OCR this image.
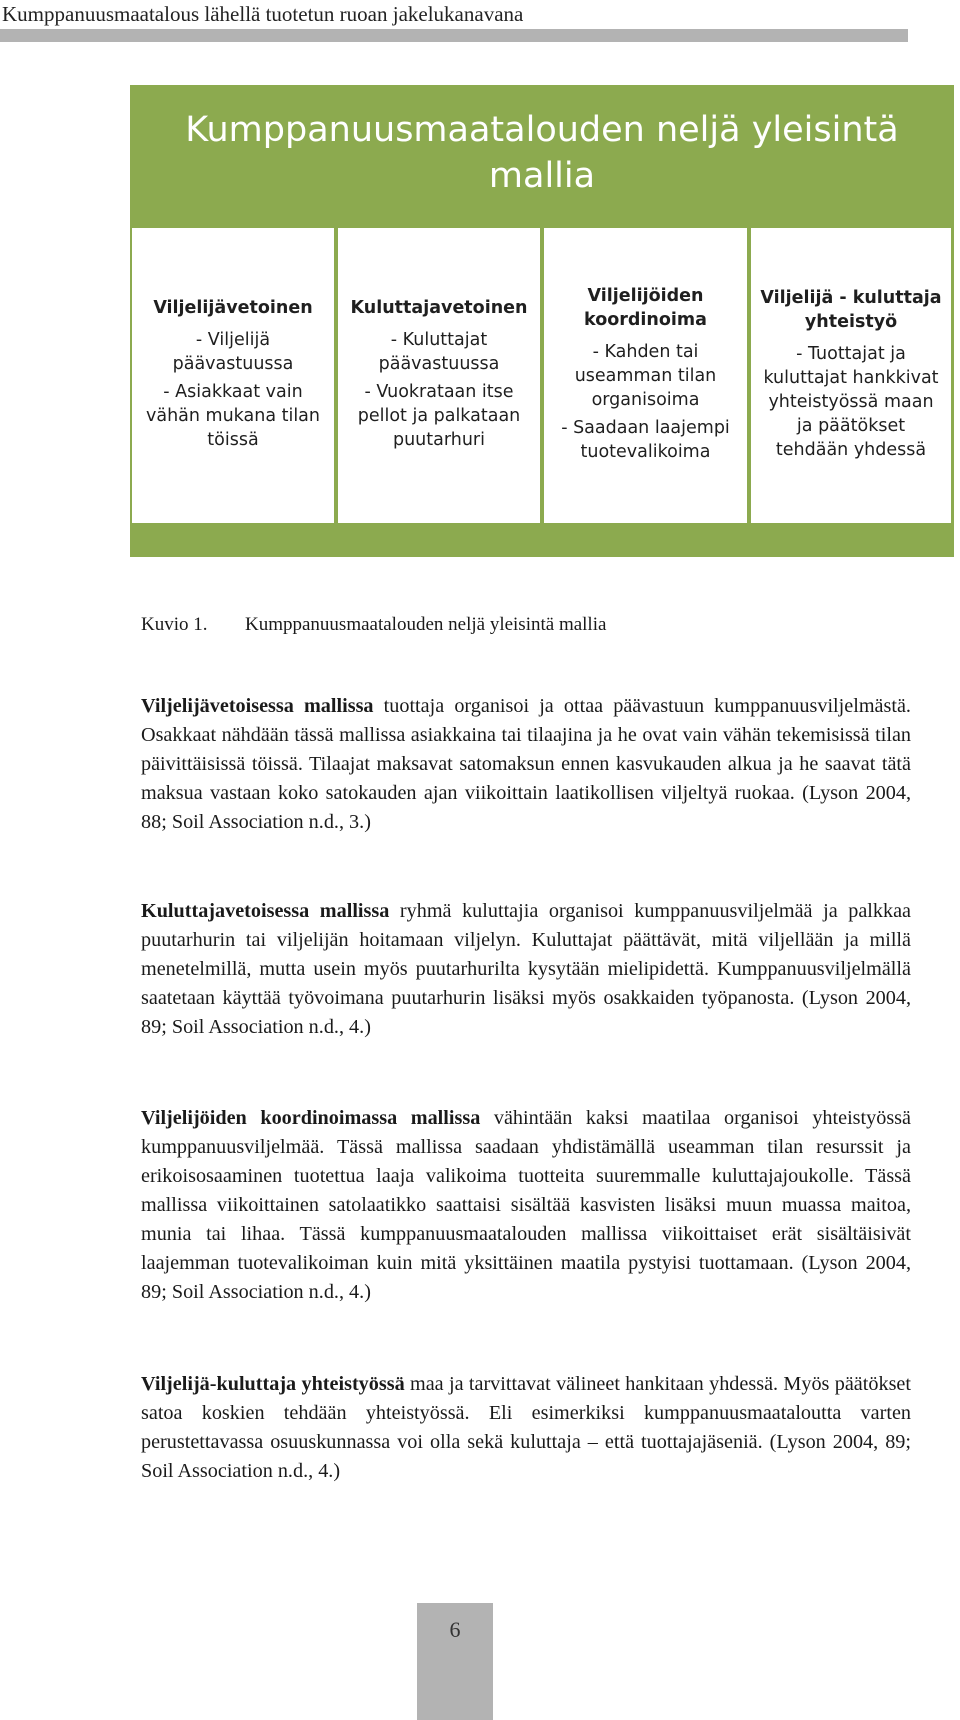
Kumppanuusmaatalous lähellä tuotetun ruoan jakelukanavana
Kumppanuusmaatalouden neljä yleisintä mallia
Viljelijävetoinen
- Viljelijä päävastuussa
- Asiakkaat vain vähän mukana tilan töissä
Kuluttajavetoinen
- Kuluttajat päävastuussa
- Vuokrataan itse pellot ja palkataan puutarhuri
Viljelijöiden koordinoima
- Kahden tai useamman tilan organisoima
- Saadaan laajempi tuotevalikoima
Viljelijä - kuluttaja yhteistyö
- Tuottajat ja kuluttajat hankkivat yhteistyössä maan ja päätökset tehdään yhdessä
Kuvio 1. Kumppanuusmaatalouden neljä yleisintä mallia

Viljelijävetoisessa mallissa tuottaja organisoi ja ottaa päävastuun kumppanuusviljelmästä. Osakkaat nähdään tässä mallissa asiakkaina tai tilaajina ja he ovat vain vähän tekemisissä tilan päivittäisissä töissä. Tilaajat maksavat satomaksun ennen kasvukauden alkua ja he saavat tätä maksua vastaan koko satokauden ajan viikoittain laatikollisen viljeltyä ruokaa. (Lyson 2004, 88; Soil Association n.d., 3.)

Kuluttajavetoisessa mallissa ryhmä kuluttajia organisoi kumppanuusviljelmää ja palkkaa puutarhurin tai viljelijän hoitamaan viljelyn. Kuluttajat päättävät, mitä viljellään ja millä menetelmillä, mutta usein myös puutarhurilta kysytään mielipidettä. Kumppanuusviljelmällä saatetaan käyttää työvoimana puutarhurin lisäksi myös osakkaiden työpanosta. (Lyson 2004, 89; Soil Association n.d., 4.)

Viljelijöiden koordinoimassa mallissa vähintään kaksi maatilaa organisoi yhteistyössä kumppanuusviljelmää. Tässä mallissa saadaan yhdistämällä useamman tilan resurssit ja erikoisosaaminen tuotettua laaja valikoima tuotteita suuremmalle kuluttajajoukolle. Tässä mallissa viikoittainen satolaatikko saattaisi sisältää kasvisten lisäksi muun muassa maitoa, munia tai lihaa. Tässä kumppanuusmaatalouden mallissa viikoittaiset erät sisältäisivät laajemman tuotevalikoiman kuin mitä yksittäinen maatila pystyisi tuottamaan. (Lyson 2004, 89; Soil Association n.d., 4.)

Viljelijä-kuluttaja yhteistyössä maa ja tarvittavat välineet hankitaan yhdessä. Myös päätökset satoa koskien tehdään yhteistyössä. Eli esimerkiksi kumppanuusmaataloutta varten perustettavassa osuuskunnassa voi olla sekä kuluttaja – että tuottajajäseniä. (Lyson 2004, 89; Soil Association n.d., 4.)

6
